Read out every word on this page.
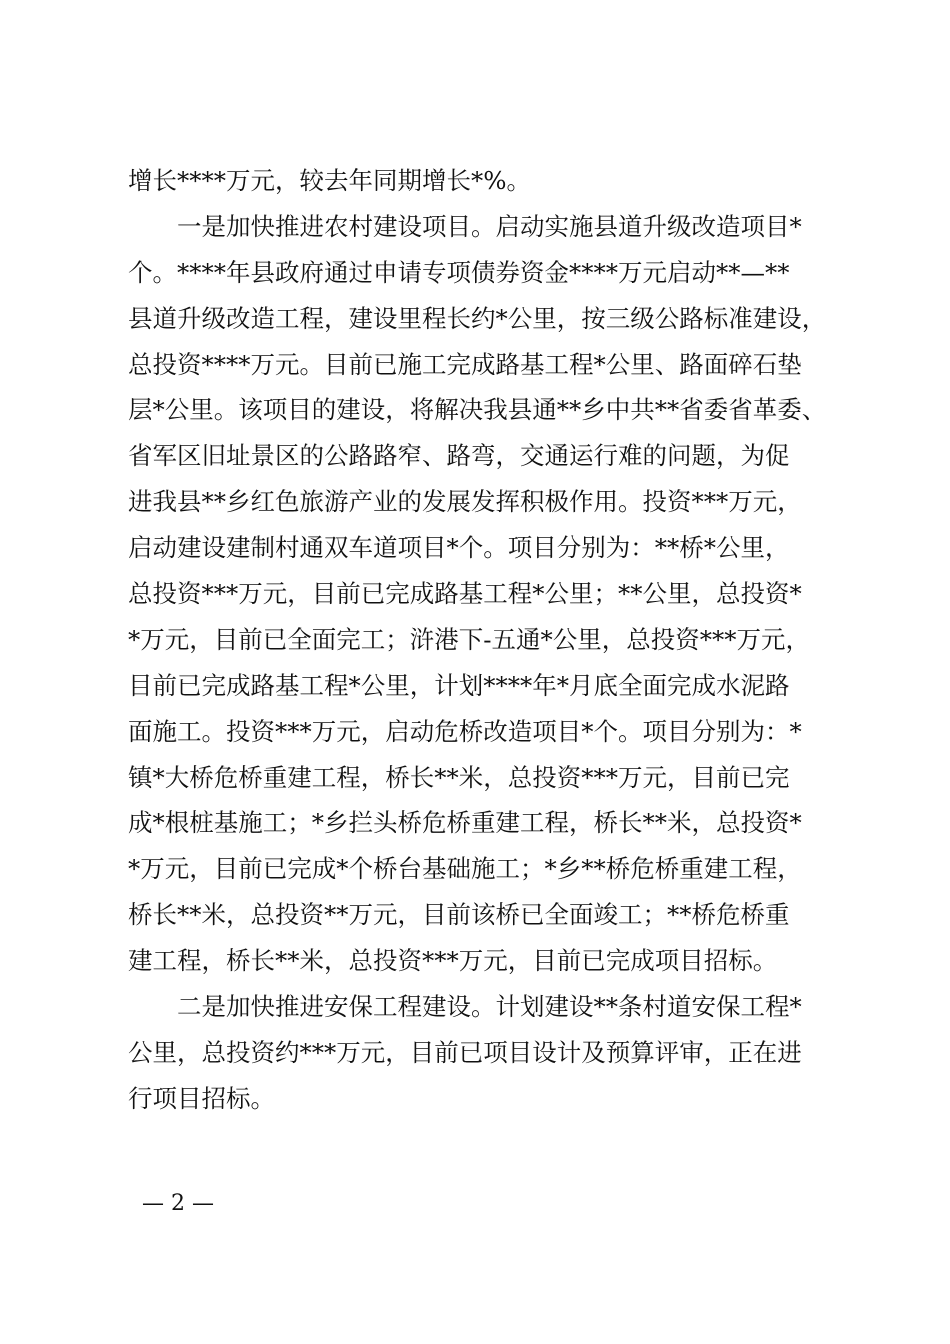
增长****万元，较去年同期增长*%。
　　一是加快推进农村建设项目。启动实施县道升级改造项目*
个。****年县政府通过申请专项债券资金****万元启动**—**
县道升级改造工程，建设里程长约*公里，按三级公路标准建设，
总投资****万元。目前已施工完成路基工程*公里、路面碎石垫
层*公里。该项目的建设，将解决我县通**乡中共**省委省革委、
省军区旧址景区的公路路窄、路弯，交通运行难的问题，为促
进我县**乡红色旅游产业的发展发挥积极作用。投资***万元，
启动建设建制村通双车道项目*个。项目分别为：**桥*公里，
总投资***万元，目前已完成路基工程*公里；**公里，总投资*
*万元，目前已全面完工；浒港下-五通*公里，总投资***万元，
目前已完成路基工程*公里，计划****年*月底全面完成水泥路
面施工。投资***万元，启动危桥改造项目*个。项目分别为：*
镇*大桥危桥重建工程，桥长**米，总投资***万元，目前已完
成*根桩基施工；*乡拦头桥危桥重建工程，桥长**米，总投资*
*万元，目前已完成*个桥台基础施工；*乡**桥危桥重建工程，
桥长**米，总投资**万元，目前该桥已全面竣工；**桥危桥重
建工程，桥长**米，总投资***万元，目前已完成项目招标。
　　二是加快推进安保工程建设。计划建设**条村道安保工程*
公里，总投资约***万元，目前已项目设计及预算评审，正在进
行项目招标。
— 2 —
